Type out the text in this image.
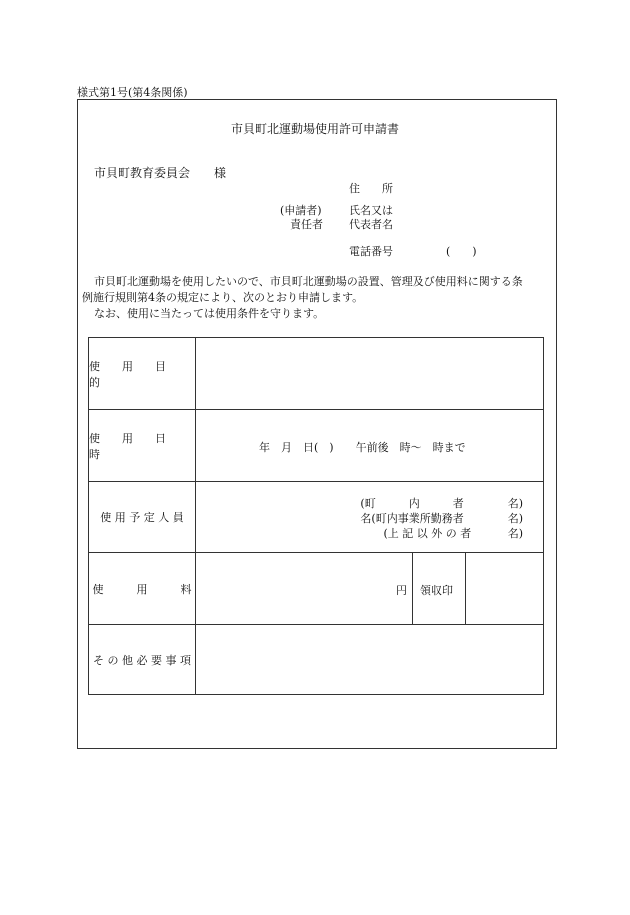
様式第1号(第4条関係)
市貝町北運動場使用許可申請書
市貝町教育委員会　　様
住　　所
(申請者)
責任者
氏名又は
代表者名
電話番号	(　　)
市貝町北運動場を使用したいので、市貝町北運動場の設置、管理及び使用料に関する条
例施行規則第4条の規定により、次のとおり申請します。
なお、使用に当たっては使用条件を守ります。
使　　用　　目　　的
使　　用　　日　　時	年　月　日(　)　　午前後　時〜　時まで
使 用 予 定 人 員
(町　　　内　　　者　　　　名)
名(町内事業所勤務者　　　　名)
(上 記 以 外 の 者 　　　名)
使　　　用　　　料	円 領収印
そ の 他 必 要 事 項
